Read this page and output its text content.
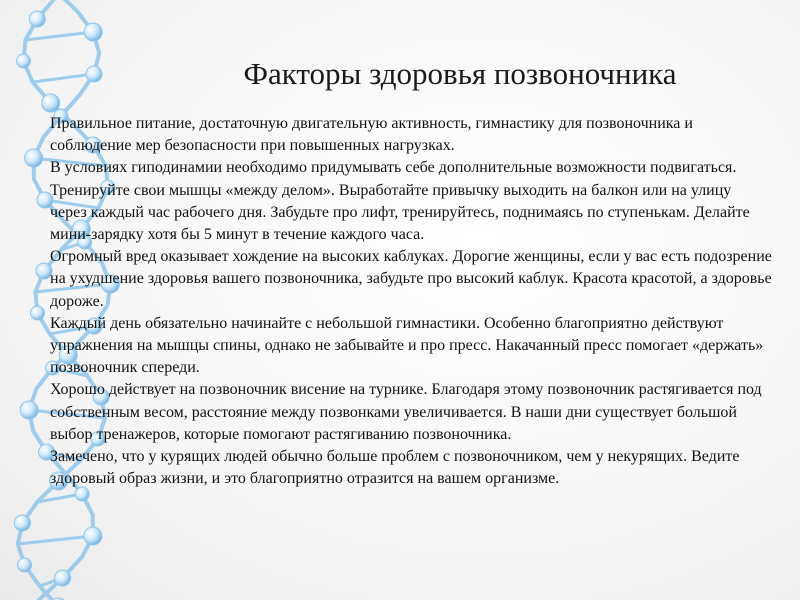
Факторы здоровья позвоночника

Правильное питание, достаточную двигательную активность, гимнастику для позвоночника и соблюдение мер безопасности при повышенных нагрузках.

В условиях гиподинамии необходимо придумывать себе дополнительные возможности подвигаться. Тренируйте свои мышцы «между делом». Выработайте привычку выходить на балкон или на улицу через каждый час рабочего дня. Забудьте про лифт, тренируйтесь, поднимаясь по ступенькам. Делайте мини-зарядку хотя бы 5 минут в течение каждого часа.

Огромный вред оказывает хождение на высоких каблуках. Дорогие женщины, если у вас есть подозрение на ухудшение здоровья вашего позвоночника, забудьте про высокий каблук. Красота красотой, а здоровье дороже.

Каждый день обязательно начинайте с небольшой гимнастики. Особенно благоприятно действуют упражнения на мышцы спины, однако не забывайте и про пресс. Накачанный пресс помогает «держать» позвоночник спереди.

Хорошо действует на позвоночник висение на турнике. Благодаря этому позвоночник растягивается под собственным весом, расстояние между позвонками увеличивается. В наши дни существует большой выбор тренажеров, которые помогают растягиванию позвоночника.

Замечено, что у курящих людей обычно больше проблем с позвоночником, чем у некурящих. Ведите здоровый образ жизни, и это благоприятно отразится на вашем организме.
